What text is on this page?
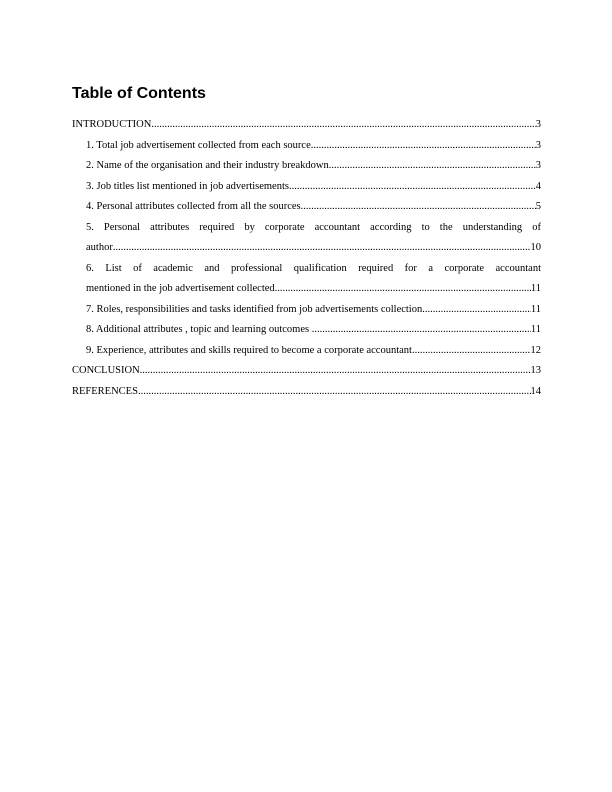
Table of Contents
INTRODUCTION .....	3
1. Total job advertisement collected from each source .....	3
2. Name of the organisation and their industry breakdown .....	3
3. Job titles list mentioned in job advertisements .....	4
4. Personal attributes collected from all the sources .....	5
5. Personal attributes required by corporate accountant according to the understanding of
author .....	10
6. List of academic and professional qualification required for a corporate accountant
mentioned in the job advertisement collected .....	11
7. Roles, responsibilities and tasks identified from job advertisements collection .....	11
8. Additional attributes , topic and learning outcomes .....	11
9. Experience, attributes and skills required to become a corporate accountant .....	12
CONCLUSION .....	13
REFERENCES .....	14
